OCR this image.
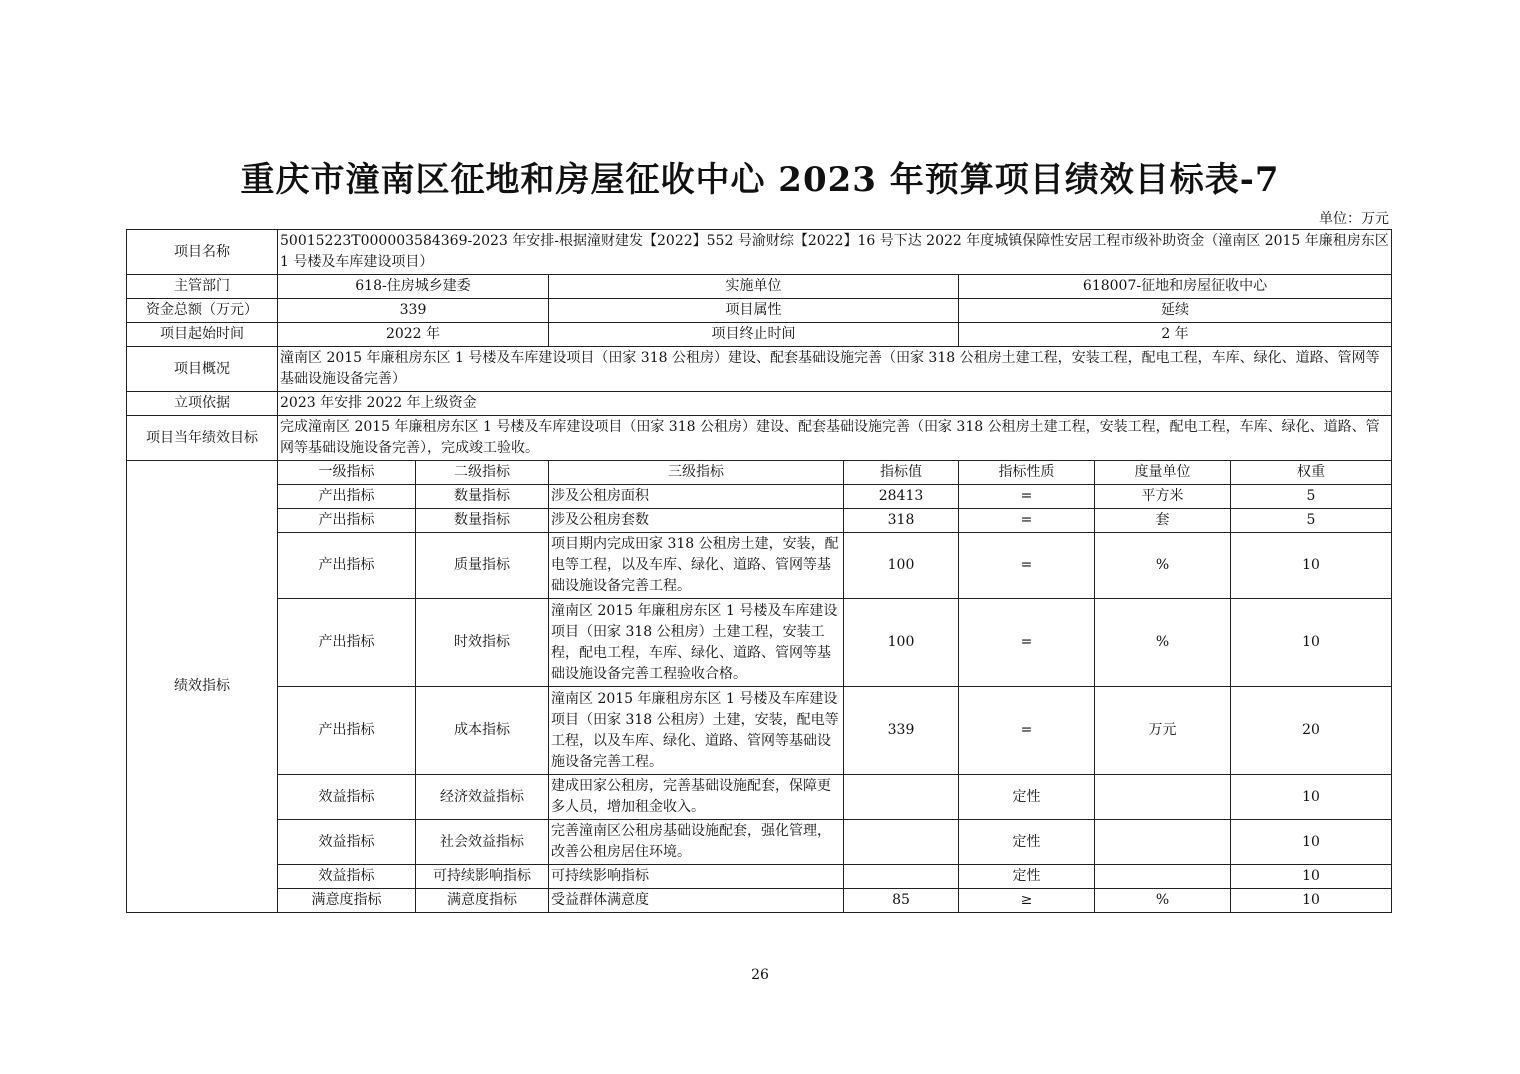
重庆市潼南区征地和房屋征收中心 2023 年预算项目绩效目标表-7
单位：万元
项目名称	50015223T000003584369-2023 年安排-根据潼财建发【2022】552 号渝财综【2022】16 号下达 2022 年度城镇保障性安居工程市级补助资金（潼南区 2015 年廉租房东区 1 号楼及车库建设项目）						
主管部门	618-住房城乡建委		实施单位		618007-征地和房屋征收中心		
资金总额（万元）	339		项目属性		延续		
项目起始时间	2022 年		项目终止时间		2 年		
项目概况	潼南区 2015 年廉租房东区 1 号楼及车库建设项目（田家 318 公租房）建设、配套基础设施完善（田家 318 公租房土建工程，安装工程，配电工程，车库、绿化、道路、管网等基础设施设备完善）						
立项依据	2023 年安排 2022 年上级资金						
项目当年绩效目标	完成潼南区 2015 年廉租房东区 1 号楼及车库建设项目（田家 318 公租房）建设、配套基础设施完善（田家 318 公租房土建工程，安装工程，配电工程，车库、绿化、道路、管网等基础设施设备完善），完成竣工验收。						
绩效指标	一级指标	二级指标	三级指标	指标值	指标性质	度量单位	权重
	产出指标	数量指标	涉及公租房面积	28413	=	平方米	5
	产出指标	数量指标	涉及公租房套数	318	=	套	5
	产出指标	质量指标	项目期内完成田家 318 公租房土建，安装，配电等工程，以及车库、绿化、道路、管网等基础设施设备完善工程。	100	=	%	10
	产出指标	时效指标	潼南区 2015 年廉租房东区 1 号楼及车库建设项目（田家 318 公租房）土建工程，安装工程，配电工程，车库、绿化、道路、管网等基础设施设备完善工程验收合格。	100	=	%	10
	产出指标	成本指标	潼南区 2015 年廉租房东区 1 号楼及车库建设项目（田家 318 公租房）土建，安装，配电等工程，以及车库、绿化、道路、管网等基础设施设备完善工程。	339	=	万元	20
	效益指标	经济效益指标	建成田家公租房，完善基础设施配套，保障更多人员，增加租金收入。		定性		10
	效益指标	社会效益指标	完善潼南区公租房基础设施配套，强化管理，改善公租房居住环境。		定性		10
	效益指标	可持续影响指标	可持续影响指标		定性		10
	满意度指标	满意度指标	受益群体满意度	85	≥	%	10
26
